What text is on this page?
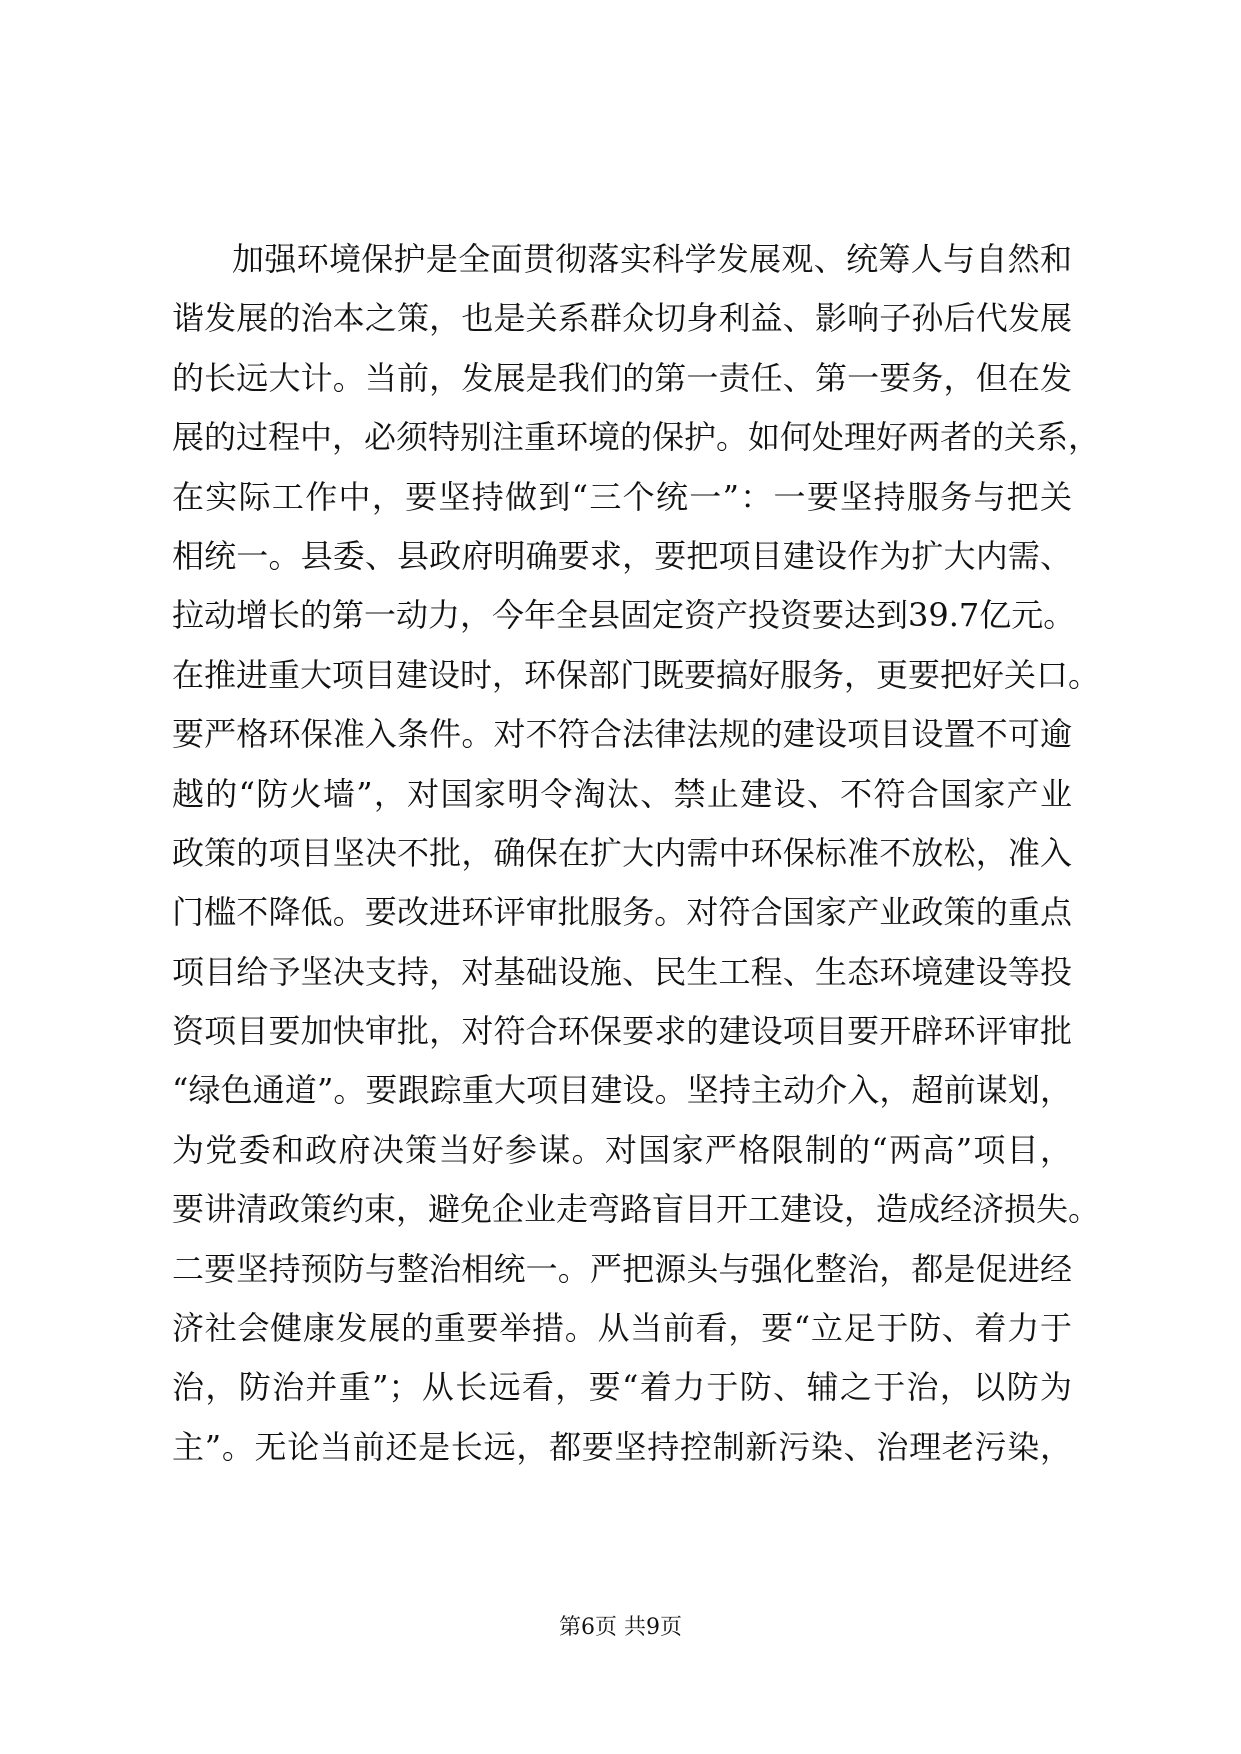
加强环境保护是全面贯彻落实科学发展观、统筹人与自然和
谐发展的治本之策，也是关系群众切身利益、影响子孙后代发展
的长远大计。当前，发展是我们的第一责任、第一要务，但在发
展的过程中，必须特别注重环境的保护。如何处理好两者的关系，
在实际工作中，要坚持做到“三个统一”：一要坚持服务与把关
相统一。县委、县政府明确要求，要把项目建设作为扩大内需、
拉动增长的第一动力，今年全县固定资产投资要达到39.7亿元。
在推进重大项目建设时，环保部门既要搞好服务，更要把好关口。
要严格环保准入条件。对不符合法律法规的建设项目设置不可逾
越的“防火墙”，对国家明令淘汰、禁止建设、不符合国家产业
政策的项目坚决不批，确保在扩大内需中环保标准不放松，准入
门槛不降低。要改进环评审批服务。对符合国家产业政策的重点
项目给予坚决支持，对基础设施、民生工程、生态环境建设等投
资项目要加快审批，对符合环保要求的建设项目要开辟环评审批
“绿色通道”。要跟踪重大项目建设。坚持主动介入，超前谋划，
为党委和政府决策当好参谋。对国家严格限制的“两高”项目，
要讲清政策约束，避免企业走弯路盲目开工建设，造成经济损失。
二要坚持预防与整治相统一。严把源头与强化整治，都是促进经
济社会健康发展的重要举措。从当前看，要“立足于防、着力于
治，防治并重”；从长远看，要“着力于防、辅之于治，以防为
主”。无论当前还是长远，都要坚持控制新污染、治理老污染，
第6页 共9页
